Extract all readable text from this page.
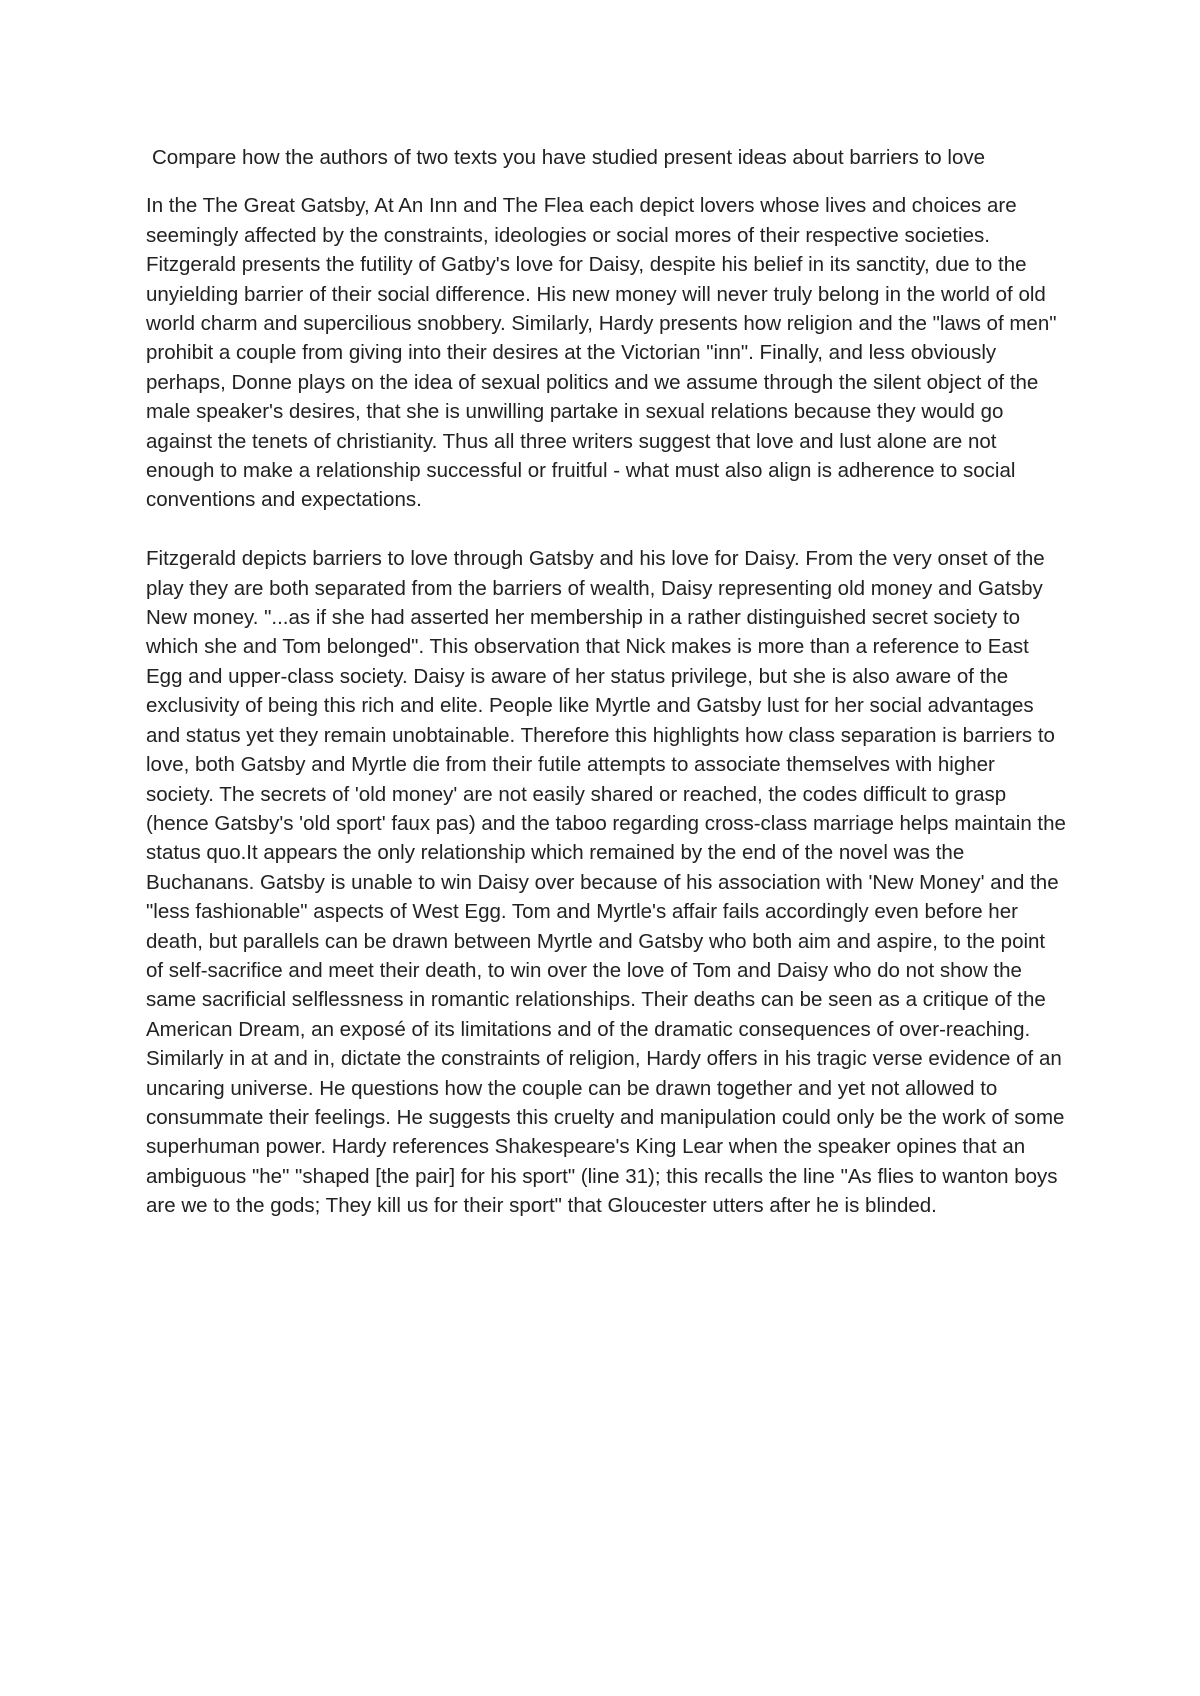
Compare how the authors of two texts you have studied present ideas about barriers to love

In the The Great Gatsby, At An Inn and The Flea each depict lovers whose lives and choices are seemingly affected by the constraints, ideologies or social mores of their respective societies. Fitzgerald presents the futility of Gatby's love for Daisy, despite his belief in its sanctity, due to the unyielding barrier of their social difference. His new money will never truly belong in the world of old world charm and supercilious snobbery. Similarly, Hardy presents how religion and the "laws of men" prohibit a couple from giving into their desires at the Victorian "inn". Finally, and less obviously perhaps, Donne plays on the idea of sexual politics and we assume through the silent object of the male speaker's desires, that she is unwilling partake in sexual relations because they would go against the tenets of christianity. Thus all three writers suggest that love and lust alone are not enough to make a relationship successful or fruitful - what must also align is adherence to social conventions and expectations.

Fitzgerald depicts barriers to love through Gatsby and his love for Daisy. From the very onset of the play they are both separated from the barriers of wealth, Daisy representing old money and Gatsby New money. "...as if she had asserted her membership in a rather distinguished secret society to which she and Tom belonged". This observation that Nick makes is more than a reference to East Egg and upper-class society. Daisy is aware of her status privilege, but she is also aware of the exclusivity of being this rich and elite. People like Myrtle and Gatsby lust for her social advantages and status yet they remain unobtainable. Therefore this highlights how class separation is barriers to love, both Gatsby and Myrtle die from their futile attempts to associate themselves with higher society. The secrets of 'old money' are not easily shared or reached, the codes difficult to grasp (hence Gatsby's 'old sport' faux pas) and the taboo regarding cross-class marriage helps maintain the status quo.It appears the only relationship which remained by the end of the novel was the Buchanans. Gatsby is unable to win Daisy over because of his association with 'New Money' and the "less fashionable" aspects of West Egg. Tom and Myrtle's affair fails accordingly even before her death, but parallels can be drawn between Myrtle and Gatsby who both aim and aspire, to the point of self-sacrifice and meet their death, to win over the love of Tom and Daisy who do not show the same sacrificial selflessness in romantic relationships. Their deaths can be seen as a critique of the American Dream, an exposé of its limitations and of the dramatic consequences of over-reaching. Similarly in at and in, dictate the constraints of religion, Hardy offers in his tragic verse evidence of an uncaring universe. He questions how the couple can be drawn together and yet not allowed to consummate their feelings. He suggests this cruelty and manipulation could only be the work of some superhuman power. Hardy references Shakespeare's King Lear when the speaker opines that an ambiguous "he" "shaped [the pair] for his sport" (line 31); this recalls the line "As flies to wanton boys are we to the gods; They kill us for their sport" that Gloucester utters after he is blinded.
